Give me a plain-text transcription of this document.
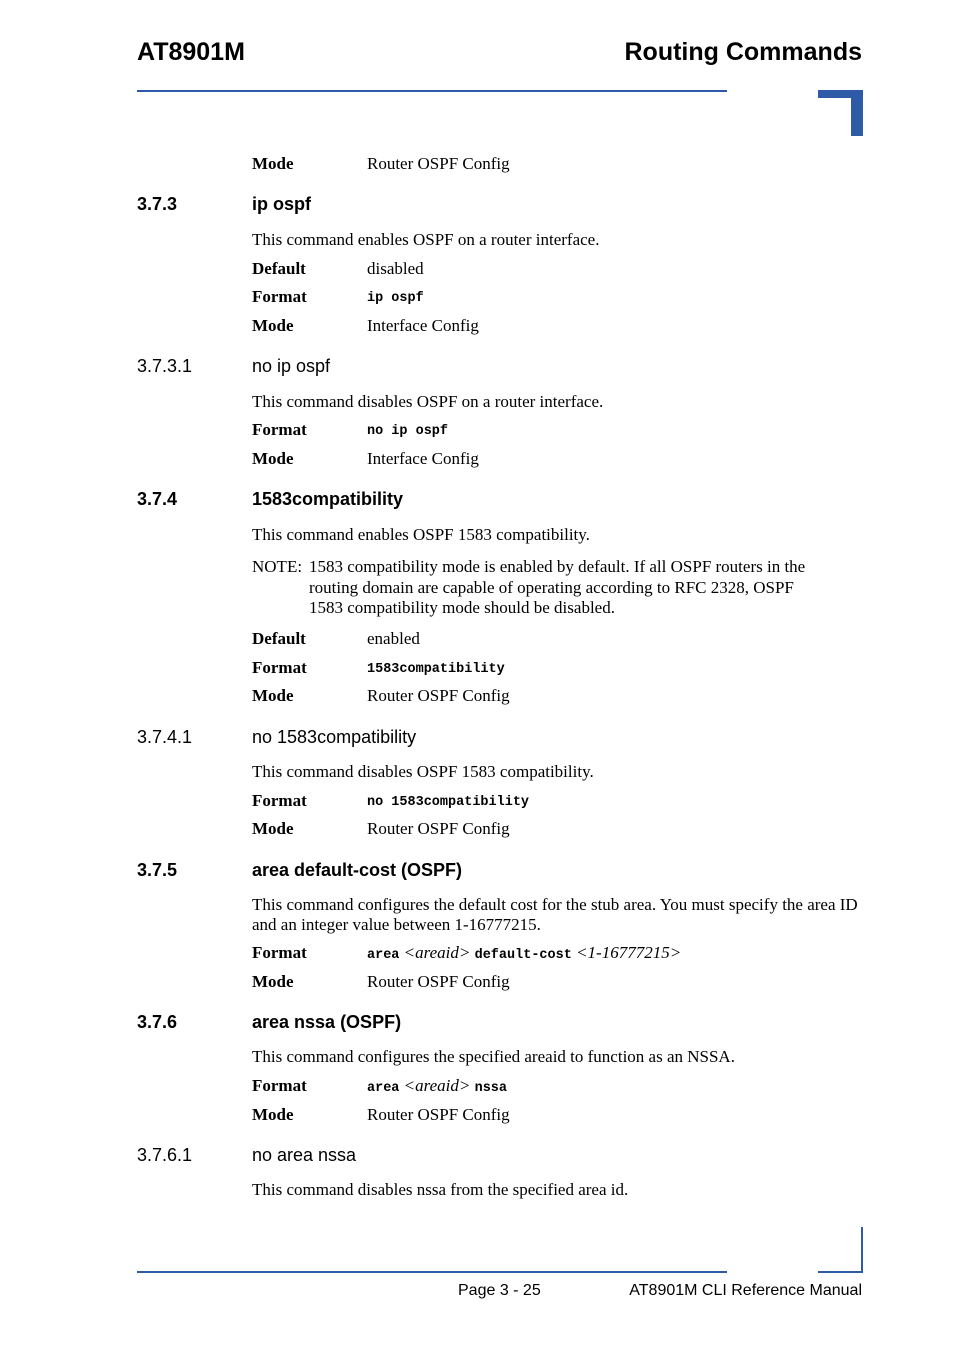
AT8901M	Routing Commands
Mode	Router OSPF Config
3.7.3	ip ospf
This command enables OSPF on a router interface.
Default	disabled
Format	ip ospf
Mode	Interface Config
3.7.3.1	no ip ospf
This command disables OSPF on a router interface.
Format	no ip ospf
Mode	Interface Config
3.7.4	1583compatibility
This command enables OSPF 1583 compatibility.
NOTE: 1583 compatibility mode is enabled by default. If all OSPF routers in the routing domain are capable of operating according to RFC 2328, OSPF 1583 compatibility mode should be disabled.
Default	enabled
Format	1583compatibility
Mode	Router OSPF Config
3.7.4.1	no 1583compatibility
This command disables OSPF 1583 compatibility.
Format	no 1583compatibility
Mode	Router OSPF Config
3.7.5	area default-cost (OSPF)
This command configures the default cost for the stub area. You must specify the area ID and an integer value between 1-16777215.
Format	area <areaid> default-cost <1-16777215>
Mode	Router OSPF Config
3.7.6	area nssa (OSPF)
This command configures the specified areaid to function as an NSSA.
Format	area <areaid> nssa
Mode	Router OSPF Config
3.7.6.1	no area nssa
This command disables nssa from the specified area id.
Page 3 - 25	AT8901M CLI Reference Manual
